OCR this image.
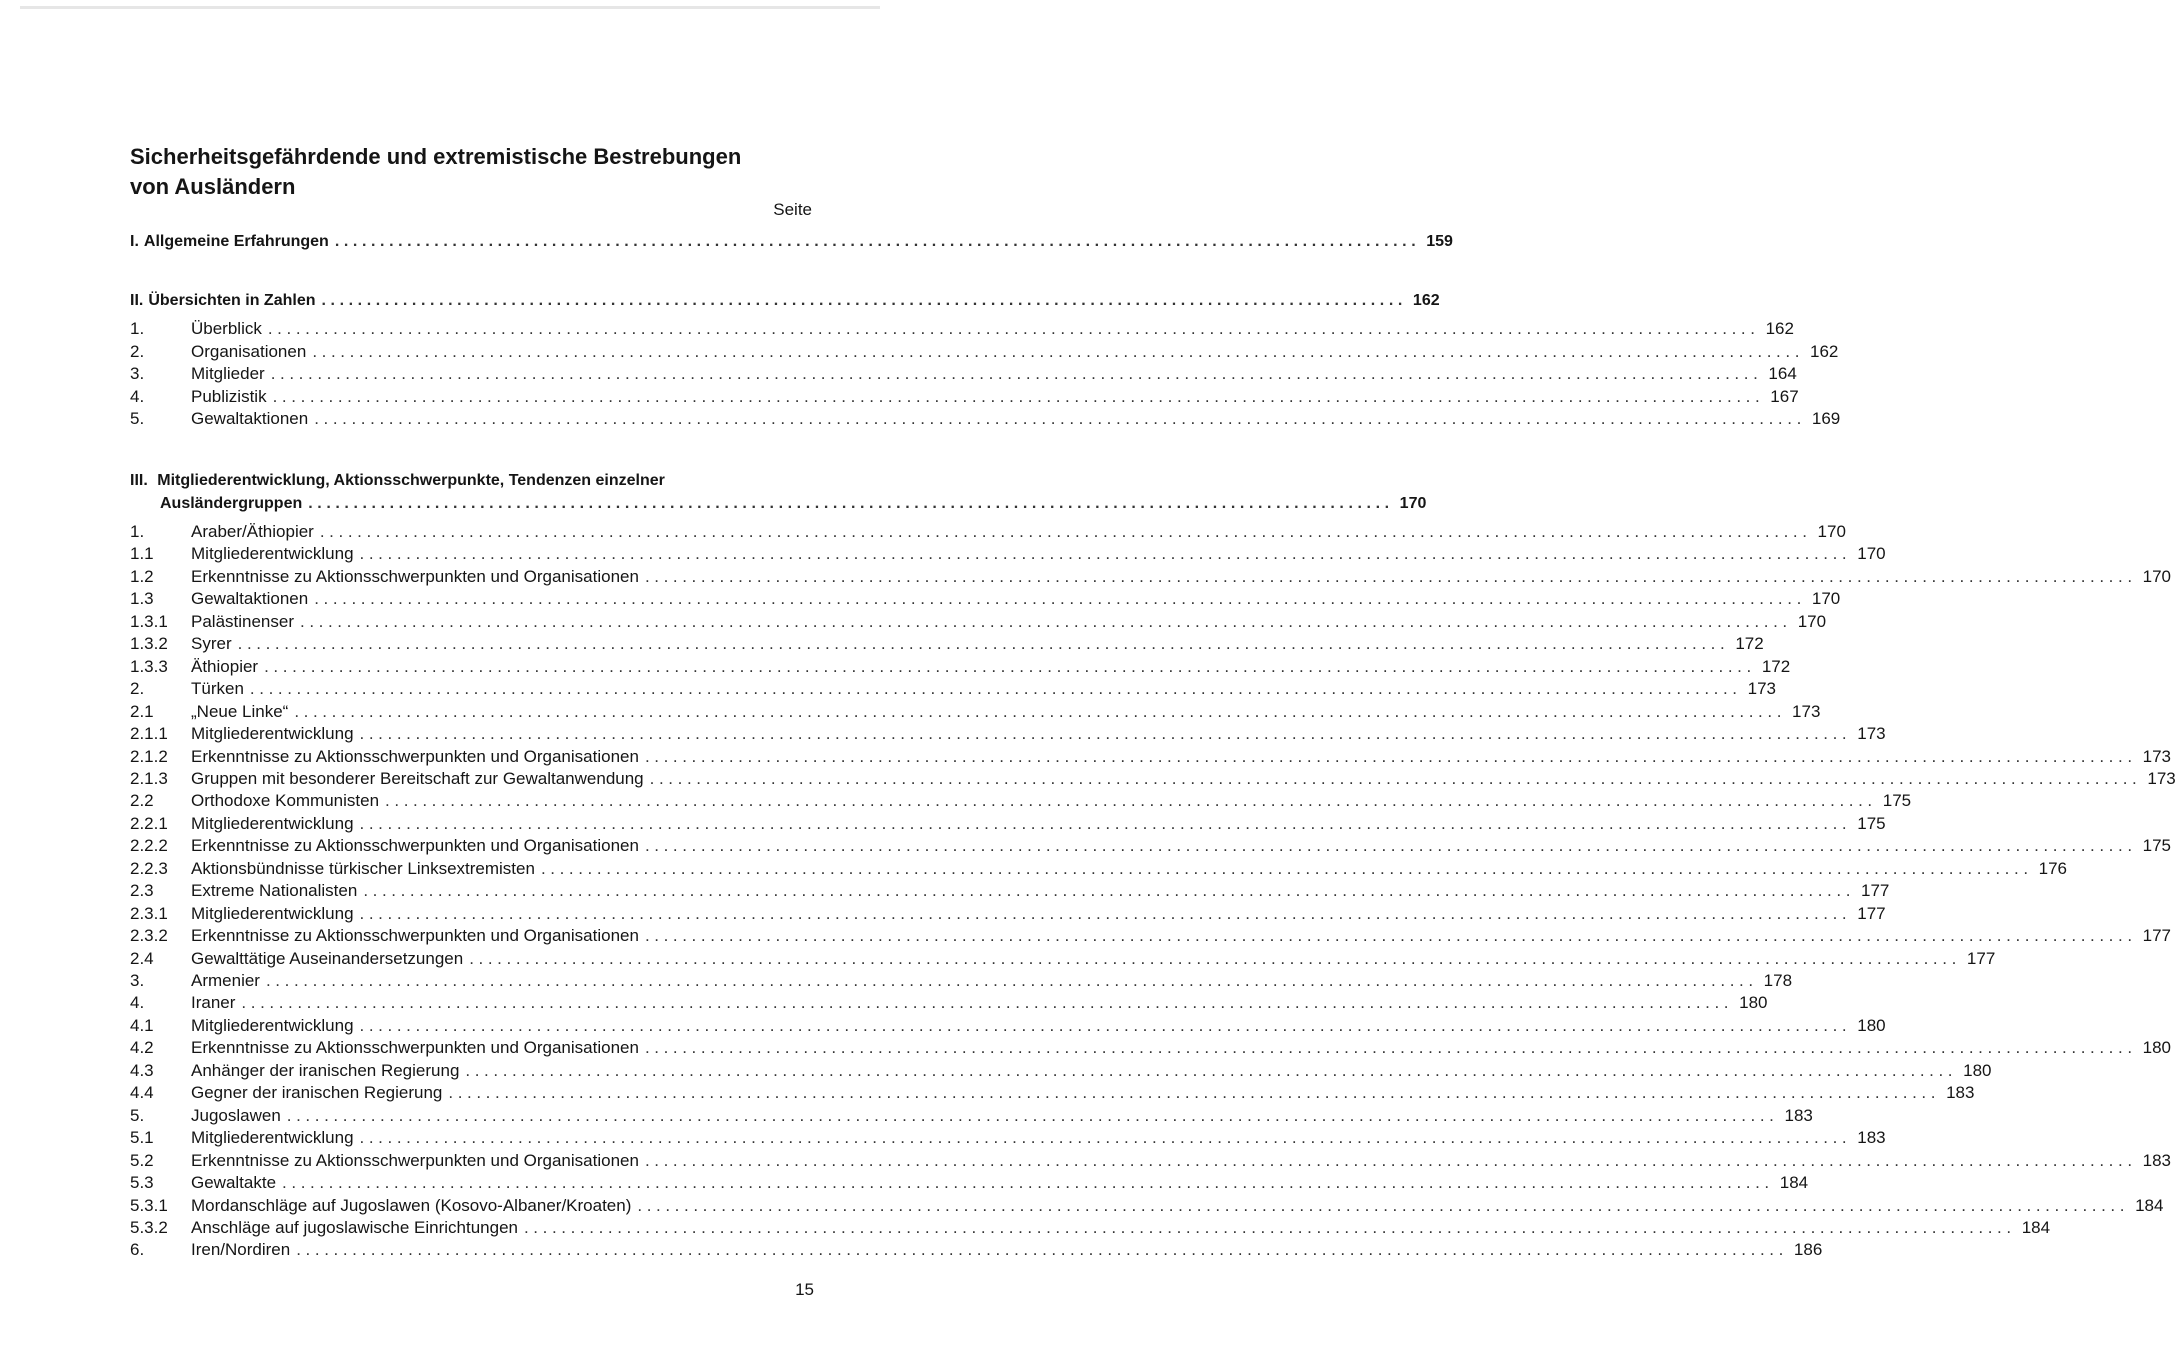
Sicherheitsgefährdende und extremistische Bestrebungen
von Ausländern
Seite
I. Allgemeine Erfahrungen ........................................................................................................................ 159
II. Übersichten in Zahlen ........................................................................................................................ 162
1.	Überblick ................................................................................................................................................................ 162
2.	Organisationen ................................................................................................................................................................ 162
3.	Mitglieder ................................................................................................................................................................ 164
4.	Publizistik ................................................................................................................................................................ 167
5.	Gewaltaktionen ................................................................................................................................................................ 169
III. Mitgliederentwicklung, Aktionsschwerpunkte, Tendenzen einzelner
Ausländergruppen ........................................................................................................................ 170
1.	Araber/Äthiopier ................................................................................................................................................................ 170
1.1	Mitgliederentwicklung ................................................................................................................................................................ 170
1.2	Erkenntnisse zu Aktionsschwerpunkten und Organisationen ................................................................................................................................................................ 170
1.3	Gewaltaktionen ................................................................................................................................................................ 170
1.3.1	Palästinenser ................................................................................................................................................................ 170
1.3.2	Syrer ................................................................................................................................................................ 172
1.3.3	Äthiopier ................................................................................................................................................................ 172
2.	Türken ................................................................................................................................................................ 173
2.1	„Neue Linke“ ................................................................................................................................................................ 173
2.1.1	Mitgliederentwicklung ................................................................................................................................................................ 173
2.1.2	Erkenntnisse zu Aktionsschwerpunkten und Organisationen ................................................................................................................................................................ 173
2.1.3	Gruppen mit besonderer Bereitschaft zur Gewaltanwendung ................................................................................................................................................................ 173
2.2	Orthodoxe Kommunisten ................................................................................................................................................................ 175
2.2.1	Mitgliederentwicklung ................................................................................................................................................................ 175
2.2.2	Erkenntnisse zu Aktionsschwerpunkten und Organisationen ................................................................................................................................................................ 175
2.2.3	Aktionsbündnisse türkischer Linksextremisten ................................................................................................................................................................ 176
2.3	Extreme Nationalisten ................................................................................................................................................................ 177
2.3.1	Mitgliederentwicklung ................................................................................................................................................................ 177
2.3.2	Erkenntnisse zu Aktionsschwerpunkten und Organisationen ................................................................................................................................................................ 177
2.4	Gewalttätige Auseinandersetzungen ................................................................................................................................................................ 177
3.	Armenier ................................................................................................................................................................ 178
4.	Iraner ................................................................................................................................................................ 180
4.1	Mitgliederentwicklung ................................................................................................................................................................ 180
4.2	Erkenntnisse zu Aktionsschwerpunkten und Organisationen ................................................................................................................................................................ 180
4.3	Anhänger der iranischen Regierung ................................................................................................................................................................ 180
4.4	Gegner der iranischen Regierung ................................................................................................................................................................ 183
5.	Jugoslawen ................................................................................................................................................................ 183
5.1	Mitgliederentwicklung ................................................................................................................................................................ 183
5.2	Erkenntnisse zu Aktionsschwerpunkten und Organisationen ................................................................................................................................................................ 183
5.3	Gewaltakte ................................................................................................................................................................ 184
5.3.1	Mordanschläge auf Jugoslawen (Kosovo-Albaner/Kroaten) ................................................................................................................................................................ 184
5.3.2	Anschläge auf jugoslawische Einrichtungen ................................................................................................................................................................ 184
6.	Iren/Nordiren ................................................................................................................................................................ 186
15
